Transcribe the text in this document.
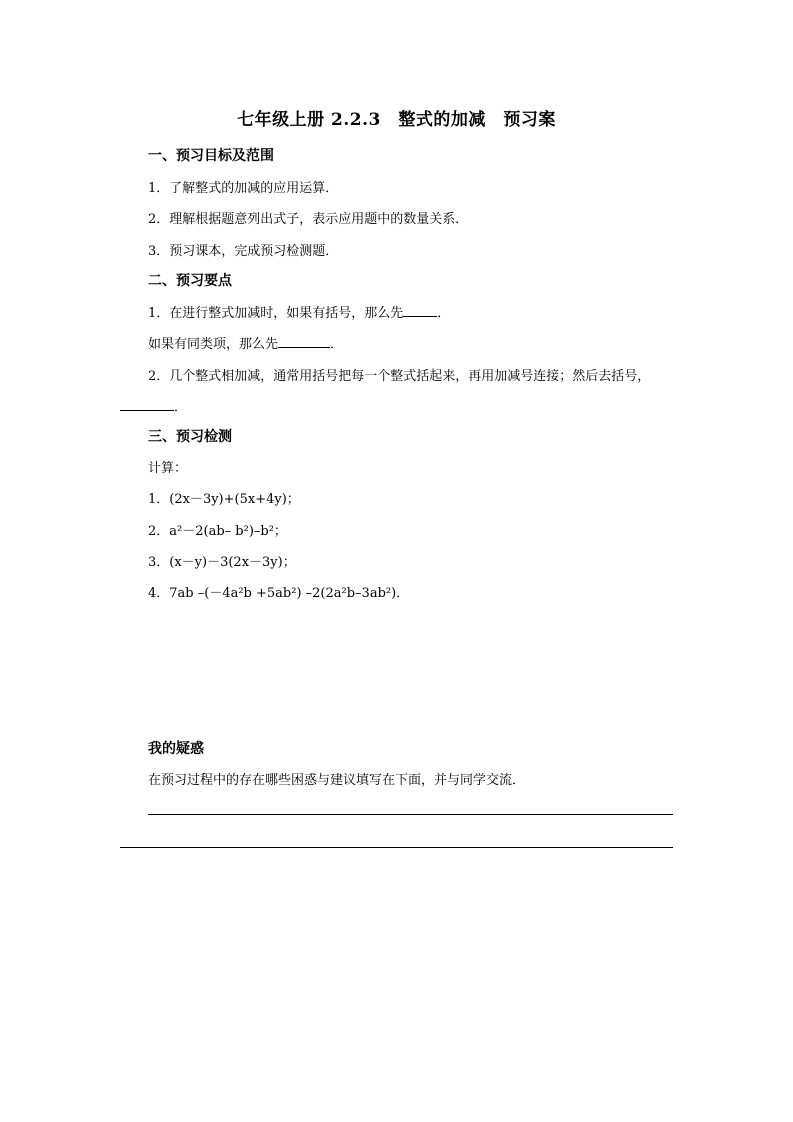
七年级上册 2.2.3　整式的加减　预习案
一、预习目标及范围
1．了解整式的加减的应用运算．
2．理解根据题意列出式子，表示应用题中的数量关系．
3．预习课本，完成预习检测题．
二、预习要点
1．在进行整式加减时，如果有括号，那么先	．
如果有同类项，那么先	．
2．几个整式相加减，通常用括号把每一个整式括起来，再用加减号连接；然后去括号，
．
三、预习检测
计算：
1．(2x－3y)+(5x+4y)；
2．a²－2(ab– b²)–b²；
3．(x－y)－3(2x－3y)；
4．7ab –(－4a²b +5ab²) –2(2a²b–3ab²)．
我的疑惑
在预习过程中的存在哪些困惑与建议填写在下面，并与同学交流．
